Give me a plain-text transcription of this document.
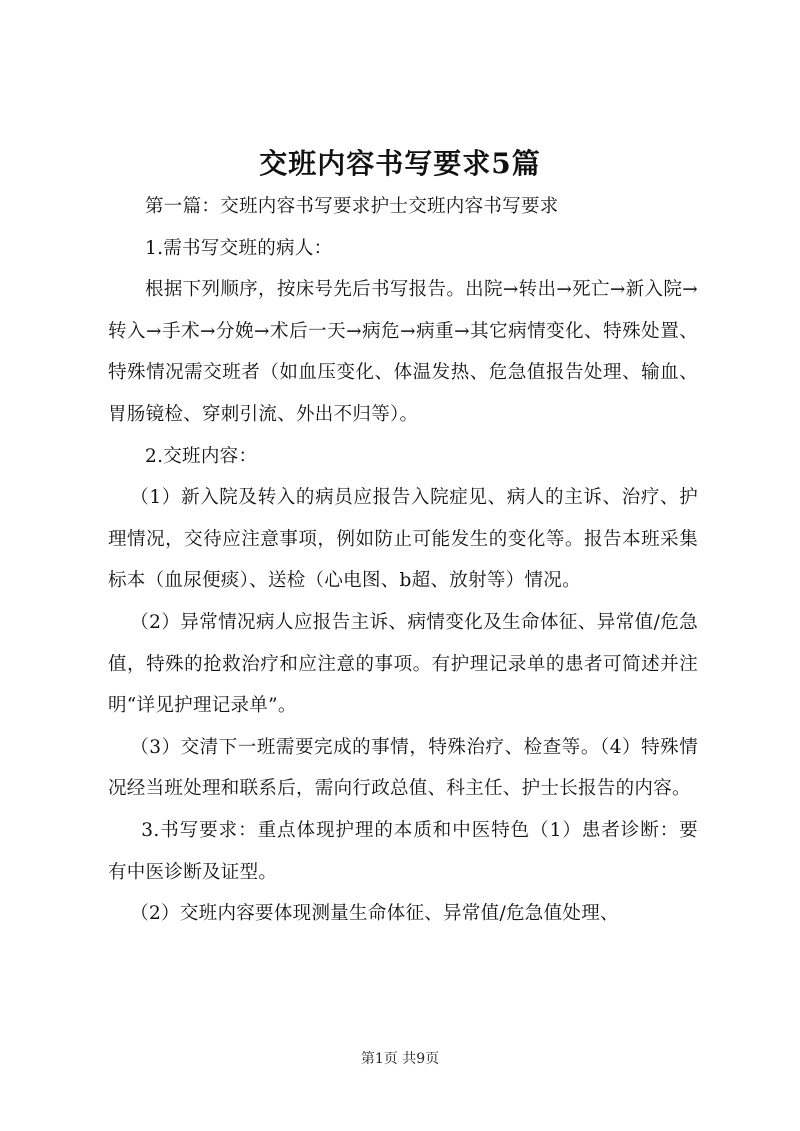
交班内容书写要求5篇

第一篇：交班内容书写要求护士交班内容书写要求

1.需书写交班的病人：

根据下列顺序，按床号先后书写报告。出院→转出→死亡→新入院→转入→手术→分娩→术后一天→病危→病重→其它病情变化、特殊处置、特殊情况需交班者（如血压变化、体温发热、危急值报告处理、输血、胃肠镜检、穿刺引流、外出不归等）。

2.交班内容：

（1）新入院及转入的病员应报告入院症见、病人的主诉、治疗、护理情况，交待应注意事项，例如防止可能发生的变化等。报告本班采集标本（血尿便痰）、送检（心电图、b超、放射等）情况。

（2）异常情况病人应报告主诉、病情变化及生命体征、异常值/危急值，特殊的抢救治疗和应注意的事项。有护理记录单的患者可简述并注明“详见护理记录单”。

（3）交清下一班需要完成的事情，特殊治疗、检查等。（4）特殊情况经当班处理和联系后，需向行政总值、科主任、护士长报告的内容。

3.书写要求：重点体现护理的本质和中医特色（1）患者诊断：要有中医诊断及证型。

（2）交班内容要体现测量生命体征、异常值/危急值处理、

第1页 共9页
